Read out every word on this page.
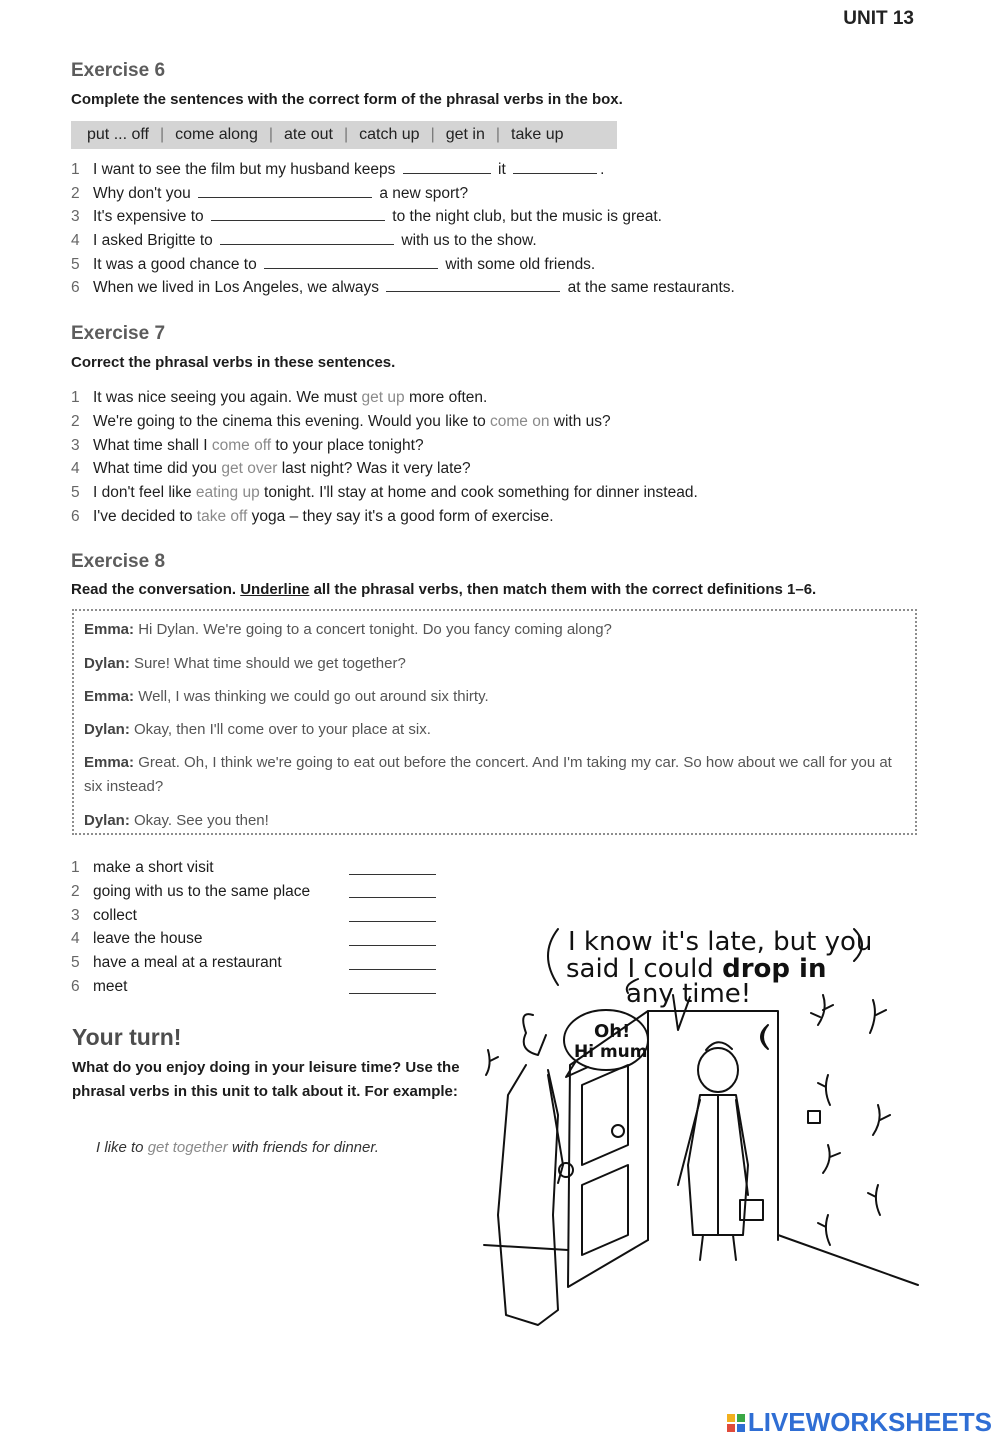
UNIT 13
Exercise 6
Complete the sentences with the correct form of the phrasal verbs in the box.
put ... off | come along | ate out | catch up | get in | take up
1 I want to see the film but my husband keeps	it	.
2 Why don't you	a new sport?
3 It's expensive to	to the night club, but the music is great.
4 I asked Brigitte to	with us to the show.
5 It was a good chance to	with some old friends.
6 When we lived in Los Angeles, we always	at the same restaurants.
Exercise 7
Correct the phrasal verbs in these sentences.
1 It was nice seeing you again. We must get up more often.
2 We're going to the cinema this evening. Would you like to come on with us?
3 What time shall I come off to your place tonight?
4 What time did you get over last night? Was it very late?
5 I don't feel like eating up tonight. I'll stay at home and cook something for dinner instead.
6 I've decided to take off yoga – they say it's a good form of exercise.
Exercise 8
Read the conversation. Underline all the phrasal verbs, then match them with the correct definitions 1–6.
Emma: Hi Dylan. We're going to a concert tonight. Do you fancy coming along?
Dylan: Sure! What time should we get together?
Emma: Well, I was thinking we could go out around six thirty.
Dylan: Okay, then I'll come over to your place at six.
Emma: Great. Oh, I think we're going to eat out before the concert. And I'm taking my car. So how about we call for you at six instead?
Dylan: Okay. See you then!
1 make a short visit
2 going with us to the same place
3 collect
4 leave the house
5 have a meal at a restaurant
6 meet
Your turn!
What do you enjoy doing in your leisure time? Use the phrasal verbs in this unit to talk about it. For example:
I like to get together with friends for dinner.
I know it's late, but you
said I could drop in
any time!
Oh!
Hi mum
LIVEWORKSHEETS
